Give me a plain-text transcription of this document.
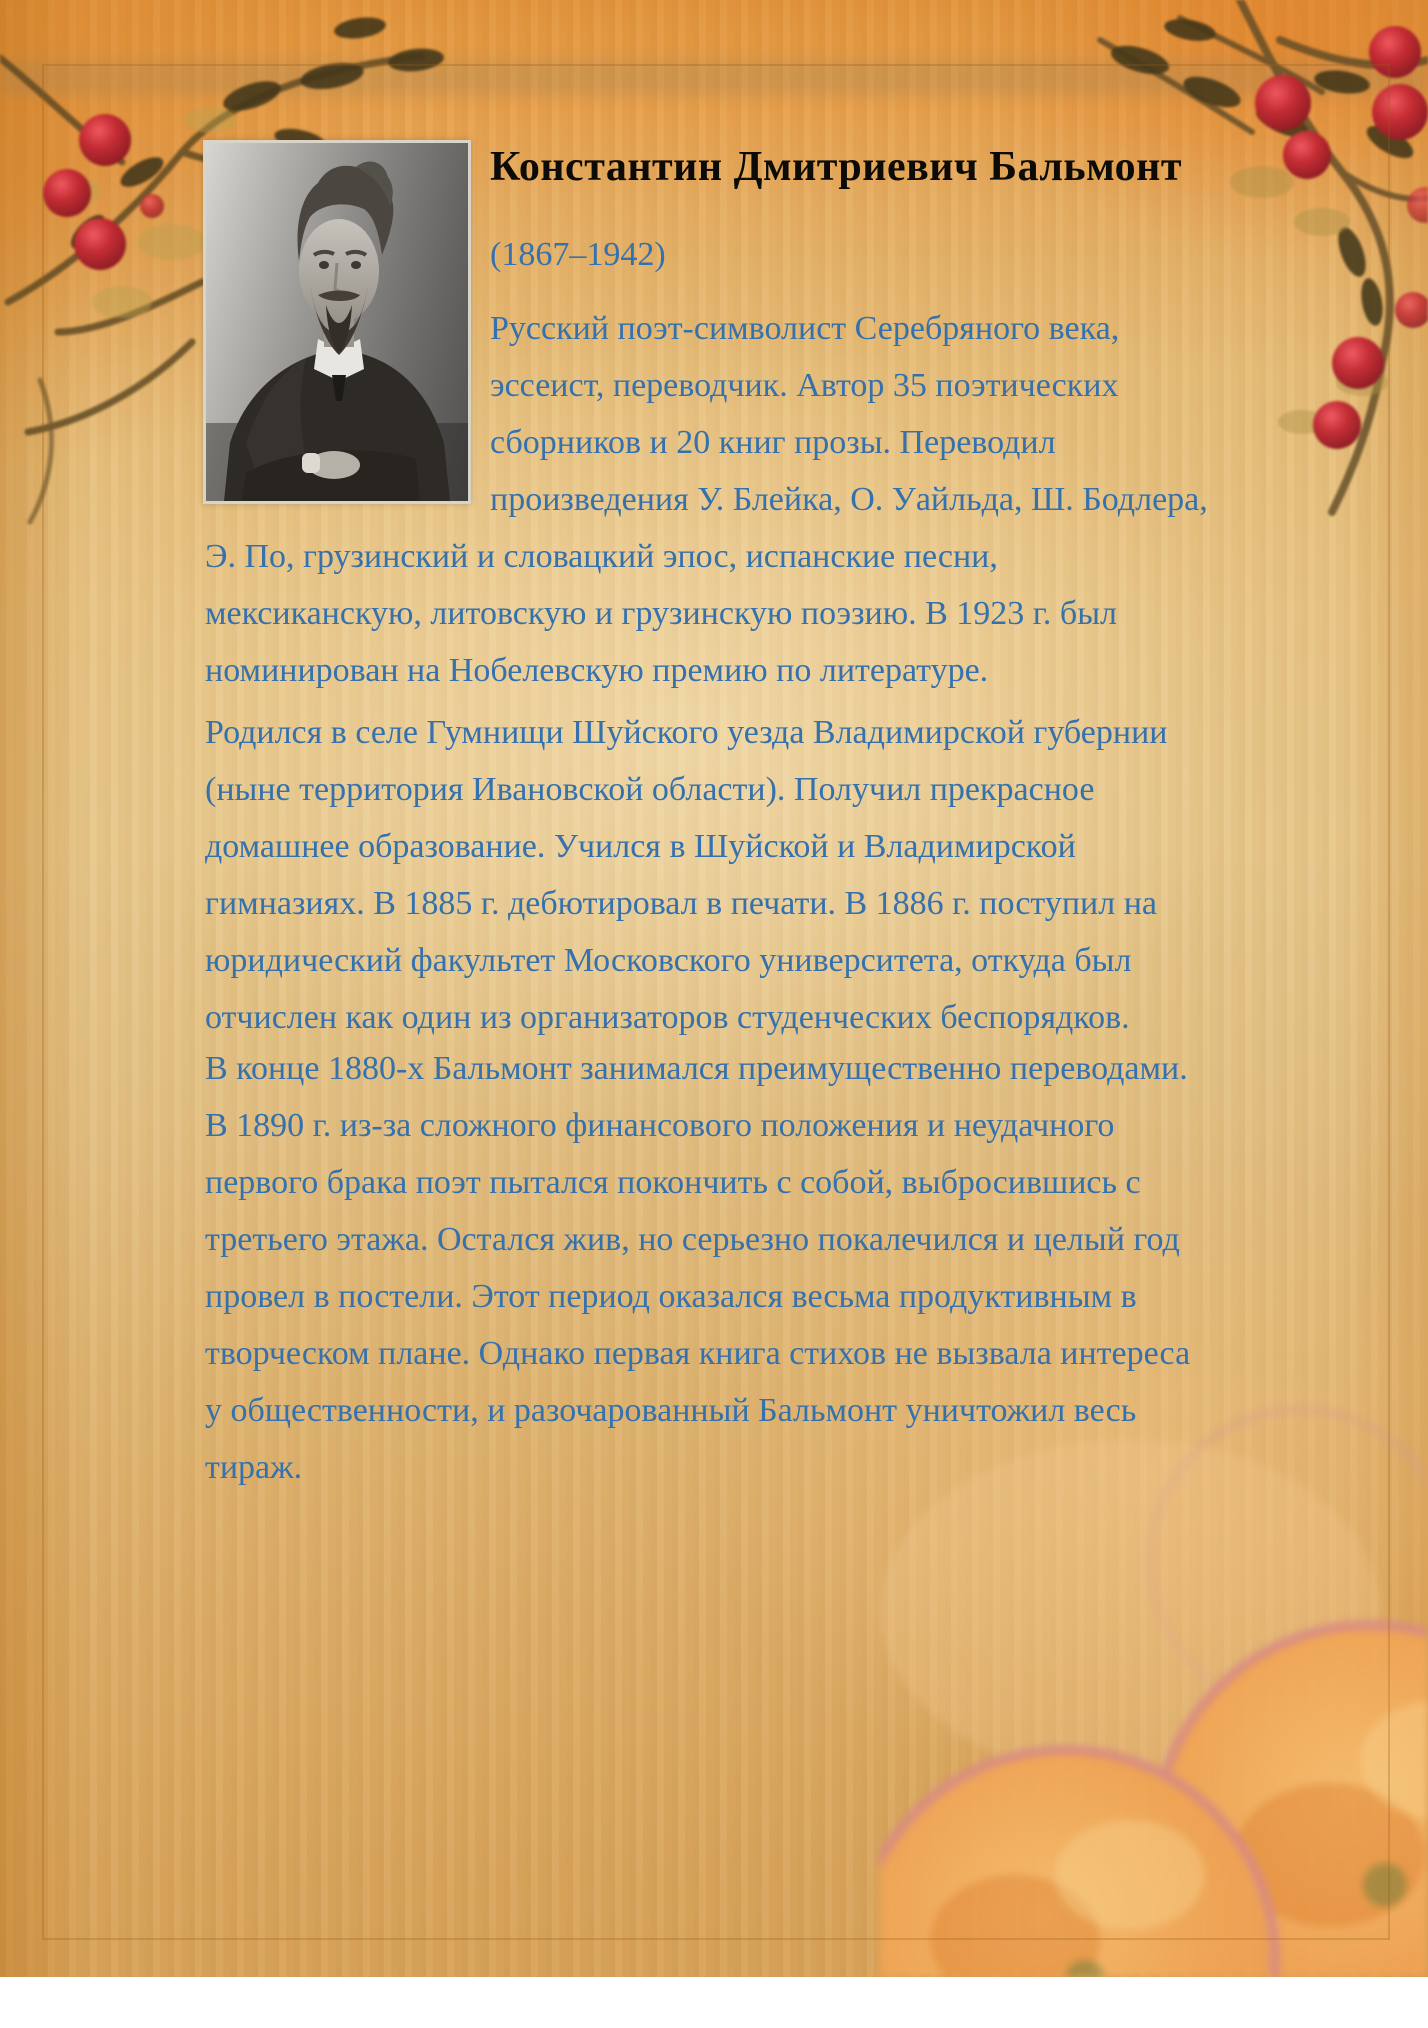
Константин Дмитриевич Бальмонт
(1867–1942)
Русский поэт-символист Серебряного века,
эссеист, переводчик. Автор 35 поэтических
сборников и 20 книг прозы. Переводил
произведения У. Блейка, О. Уайльда, Ш. Бодлера,
Э. По, грузинский и словацкий эпос, испанские песни,
мексиканскую, литовскую и грузинскую поэзию. В 1923 г. был
номинирован на Нобелевскую премию по литературе.
Родился в селе Гумнищи Шуйского уезда Владимирской губернии
(ныне территория Ивановской области). Получил прекрасное
домашнее образование. Учился в Шуйской и Владимирской
гимназиях. В 1885 г. дебютировал в печати. В 1886 г. поступил на
юридический факультет Московского университета, откуда был
отчислен как один из организаторов студенческих беспорядков.
В конце 1880-х Бальмонт занимался преимущественно переводами.
В 1890 г. из-за сложного финансового положения и неудачного
первого брака поэт пытался покончить с собой, выбросившись с
третьего этажа. Остался жив, но серьезно покалечился и целый год
провел в постели. Этот период оказался весьма продуктивным в
творческом плане. Однако первая книга стихов не вызвала интереса
у общественности, и разочарованный Бальмонт уничтожил весь
тираж.
